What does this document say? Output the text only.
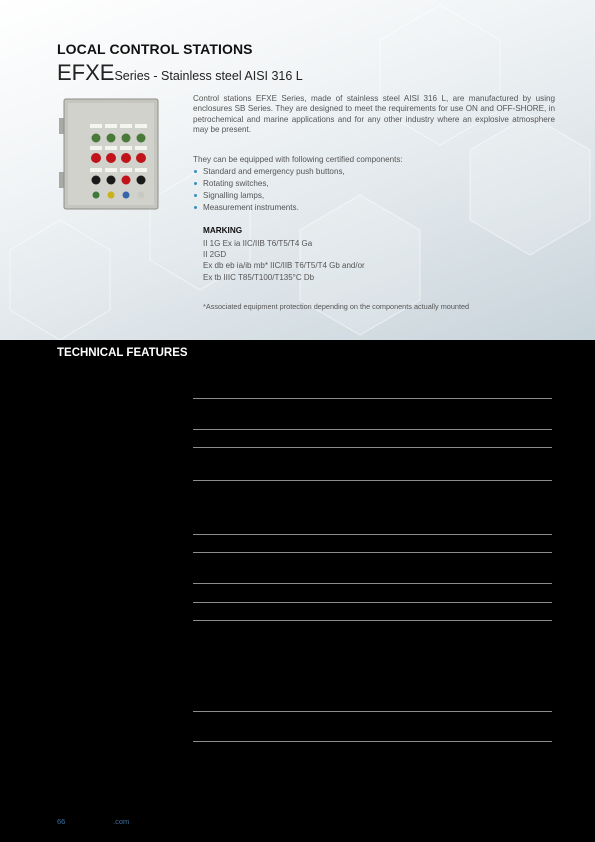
LOCAL CONTROL STATIONS
EFXESeries - Stainless steel AISI 316 L

Control stations EFXE Series, made of stainless steel AISI 316 L, are manufactured by using enclosures SB Series. They are designed to meet the requirements for use ON and OFF-SHORE, in petrochemical and marine applications and for any other industry where an explosive atmosphere may be present.

They can be equipped with following certified components:

Standard and emergency push buttons,
Rotating switches,
Signalling lamps,
Measurement instruments.
MARKING
II 1G Ex ia IIC/IIB T6/T5/T4 Ga
II 2GD
Ex db eb ia/ib mb* IIC/IIB T6/T5/T4 Gb and/or
Ex tb IIIC T85/T100/T135°C Db
*Associated equipment protection depending on the components actually mounted
TECHNICAL FEATURES
66	.com
